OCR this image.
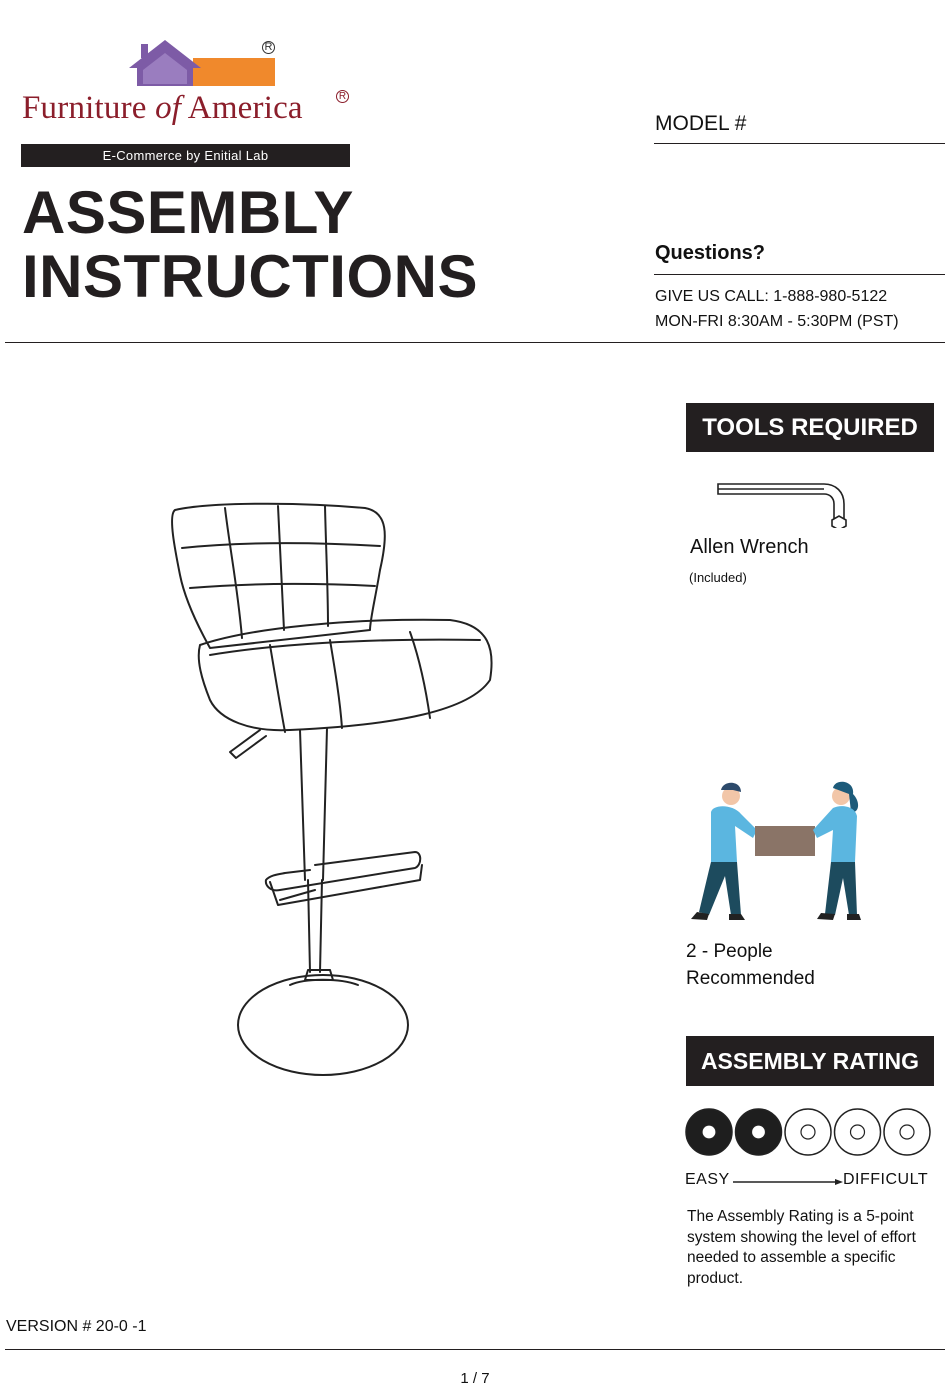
R
Furniture of America	R
E-Commerce by Enitial Lab
ASSEMBLY
INSTRUCTIONS
MODEL #
Questions?
GIVE US CALL: 1-888-980-5122
MON-FRI 8:30AM - 5:30PM (PST)
TOOLS REQUIRED
Allen Wrench
(Included)
2 - People
Recommended
ASSEMBLY RATING
EASY	DIFFICULT
The Assembly Rating is a 5-point system showing the level of effort needed to assemble a specific product.
VERSION # 20-0 -1
1 / 7
